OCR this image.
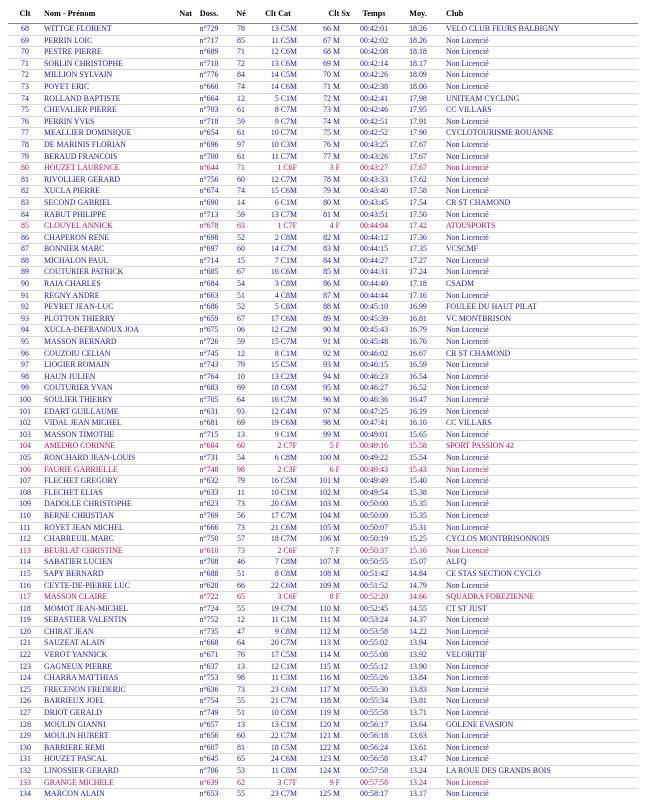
Clt	Nom - Prénom	Nat	Doss.	Né	Clt Cat	Clt Sx	Temps	Moy.	Club
68	WITTGE FLORENT		n°729	78	13 C5M	66 M	00:42:01	18.26	VELO CLUB FEURS BALBIGNY
69	PERRIN LOIC		n°717	85	11 C5M	67 M	00:42:02	18.26	Non Licencié
70	PESTRE PIERRE		n°689	71	12 C6M	68 M	00:42:08	18.18	Non Licencié
71	SORLIN CHRISTOPHE		n°710	72	13 C6M	69 M	00:42:14	18.17	Non Licencié
72	MILLION SYLVAIN		n°776	84	14 C5M	70 M	00:42:26	18.09	Non Licencié
73	POYET ERIC		n°660	74	14 C6M	71 M	00:42:38	18.00	Non Licencié
74	ROLLAND BAPTISTE		n°664	12	5 C1M	72 M	00:42:41	17.98	UNITEAM CYCLING
75	CHEVALIER PIERRE		n°703	61	8 C7M	73 M	00:42:46	17.95	CC VILLARS
76	PERRIN YVES		n°718	59	9 C7M	74 M	00:42:51	17.91	Non Licencié
77	MEALLIER DOMINIQUE		n°654	61	10 C7M	75 M	00:42:52	17.90	CYCLOTOURISME ROUANNE
78	DE MARINIS FLORIAN		n°696	97	10 C3M	76 M	00:43:25	17.67	Non Licencié
79	BERAUD FRANCOIS		n°700	61	11 C7M	77 M	00:43:26	17.67	Non Licencié
80	HOUZET LAURENCE		n°644	71	1 C6F	3 F	00:43:27	17.67	Non Licencié
81	RIVOLLIER GERARD		n°756	60	12 C7M	78 M	00:43:33	17.62	Non Licencié
82	XUCLA PIERRE		n°674	74	15 C6M	79 M	00:43:40	17.58	Non Licencié
83	SECOND GABRIEL		n°690	14	6 C1M	80 M	00:43:45	17.54	CR ST CHAMOND
84	RABUT PHILIPPE		n°713	59	13 C7M	81 M	00:43:51	17.50	Non Licencié
85	CLOUVEL ANNICK		n°678	63	1 C7F	4 F	00:44:04	17.42	ATOUSPORTS
86	CHAPERON RENE		n°698	52	2 C8M	82 M	00:44:12	17.36	Non Licencié
87	BONNIER MARC		n°697	60	14 C7M	83 M	00:44:15	17.35	VCSCMF
88	MICHALON PAUL		n°714	15	7 C1M	84 M	00:44:27	17.27	Non Licencié
89	COUTURIER PATRICK		n°685	67	16 C6M	85 M	00:44:31	17.24	Non Licencié
90	RAIA CHARLES		n°684	54	3 C8M	86 M	00:44:40	17.18	CSADM
91	REGNY ANDRE		n°663	51	4 C8M	87 M	00:44:44	17.16	Non Licencié
92	PEYRET JEAN-LUC		n°686	52	5 C8M	88 M	00:45:10	16.99	FOULEE DU HAUT PILAT
93	PLOTTON THIERRY		n°659	67	17 C6M	89 M	00:45:39	16.81	VC MONTBRISON
94	XUCLA-DEFRANOUX JOA		n°675	06	12 C2M	90 M	00:45:43	16.79	Non Licencié
95	MASSON BERNARD		n°726	59	15 C7M	91 M	00:45:48	16.76	Non Licencié
96	COUZOIU CELIAN		n°745	12	8 C1M	92 M	00:46:02	16.67	CR ST CHAMOND
97	LIOGIER ROMAIN		n°743	79	15 C5M	93 M	00:46:15	16.59	Non Licencié
98	HAUN JULIEN		n°764	10	13 C2M	94 M	00:46:23	16.54	Non Licencié
99	COUTURIER YVAN		n°683	69	18 C6M	95 M	00:46:27	16.52	Non Licencié
100	SOULIER THIERRY		n°705	64	16 C7M	96 M	00:46:36	16.47	Non Licencié
101	EDART GUILLAUME		n°631	93	12 C4M	97 M	00:47:25	16.19	Non Licencié
102	VIDAL JEAN MICHEL		n°681	69	19 C6M	98 M	00:47:41	16.10	CC VILLARS
103	MASSON TIMOTHE		n°715	13	9 C1M	99 M	00:49:01	15.65	Non Licencié
104	AMEDRO CORINNE		n°604	60	2 C7F	5 F	00:49:16	15.58	SPORT PASSION 42
105	RONCHARD JEAN-LOUIS		n°731	54	6 C8M	100 M	00:49:22	15.54	Non Licencié
106	FAURIE GABRIELLE		n°748	98	2 C3F	6 F	00:49:43	15.43	Non Licencié
107	FLECHET GREGORY		n°632	79	16 C5M	101 M	00:49:49	15.40	Non Licencié
108	FLECHET ELIAS		n°633	11	10 C1M	102 M	00:49:54	15.38	Non Licencié
109	DADOLLE CHRISTOPHE		n°623	73	20 C6M	103 M	00:50:00	15.35	Non Licencié
110	BERNE CHRISTIAN		n°769	56	17 C7M	104 M	00:50:00	15.35	Non Licencié
111	ROYET JEAN MICHEL		n°666	73	21 C6M	105 M	00:50:07	15.31	Non Licencié
112	CHABREUIL MARC		n°750	57	18 C7M	106 M	00:50:19	15.25	CYCLOS MONTBRISONNOIS
113	BEURLAT CHRISTINE		n°610	73	2 C6F	7 F	00:50:37	15.16	Non Licencié
114	SABATIER LUCIEN		n°708	46	7 C8M	107 M	00:50:55	15.07	ALFQ
115	SAPY BERNARD		n°688	51	8 C8M	108 M	00:51:42	14.84	CE STAS SECTION CYCLO
116	CEYTE-DE-PIERRE LUC		n°620	66	22 C6M	109 M	00:51:52	14.79	Non Licencié
117	MASSON CLAIRE		n°722	65	3 C6F	8 F	00:52:20	14.66	SQUADRA FOREZIENNE
118	MOMOT JEAN-MICHEL		n°724	55	19 C7M	110 M	00:52:45	14.55	CT ST JUST
119	SEBASTIER VALENTIN		n°752	12	11 C1M	111 M	00:53:24	14.37	Non Licencié
120	CHIRAT JEAN		n°735	47	9 C8M	112 M	00:53:58	14.22	Non Licencié
121	SAUZEAT ALAIN		n°668	64	20 C7M	113 M	00:55:02	13.94	Non Licencié
122	VEROT YANNICK		n°671	76	17 C5M	114 M	00:55:08	13.92	VELORITIF
123	GAGNEUX PIERRE		n°637	13	12 C1M	115 M	00:55:12	13.90	Non Licencié
124	CHARRA MATTHIAS		n°753	98	11 C3M	116 M	00:55:26	13.84	Non Licencié
125	FRECENON FREDERIC		n°636	73	23 C6M	117 M	00:55:30	13.83	Non Licencié
126	BARRIEUX JOEL		n°754	55	21 C7M	118 M	00:55:34	13.81	Non Licencié
127	DRIOT GERALD		n°749	51	10 C8M	119 M	00:55:58	13.71	Non Licencié
128	MOULIN GIANNI		n°657	13	13 C1M	120 M	00:56:17	13.64	GOLENE EVASION
129	MOULIN HUBERT		n°656	60	22 C7M	121 M	00:56:18	13.63	Non Licencié
130	BARRIERE REMI		n°607	81	18 C5M	122 M	00:56:24	13.61	Non Licencié
131	HOUZET PASCAL		n°645	65	24 C6M	123 M	00:56:58	13.47	Non Licencié
132	LINOSSIER GERARD		n°706	53	11 C8M	124 M	00:57:58	13.24	LA ROUE DES GRANDS BOIS
133	GRANGE MICHELE		n°639	62	3 C7F	9 F	00:57:58	13.24	Non Licencié
134	MARCON ALAIN		n°653	55	23 C7M	125 M	00:58:17	13.17	Non Licencié
